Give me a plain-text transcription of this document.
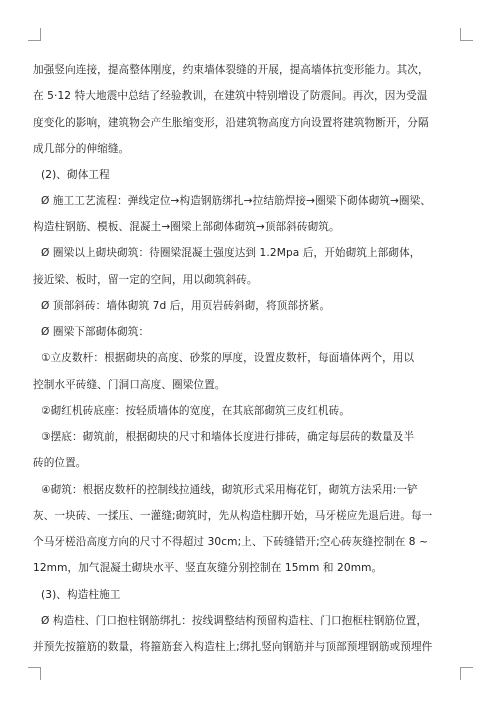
加强竖向连接，提高整体刚度，约束墙体裂缝的开展，提高墙体抗变形能力。其次，
在 5·12 特大地震中总结了经验教训，在建筑中特别增设了防震间。再次，因为受温
度变化的影响，建筑物会产生胀缩变形，沿建筑物高度方向设置将建筑物断开，分隔
成几部分的伸缩缝。
(2)、砌体工程
Ø 施工工艺流程：弹线定位→构造钢筋绑扎→拉结筋焊接→圈梁下砌体砌筑→圈梁、
构造柱钢筋、模板、混凝土→圈梁上部砌体砌筑→顶部斜砖砌筑。
Ø 圈梁以上砌块砌筑：待圈梁混凝土强度达到 1.2Mpa 后，开始砌筑上部砌体，
接近梁、板时，留一定的空间，用以砌筑斜砖。
Ø 顶部斜砖：墙体砌筑 7d 后，用页岩砖斜砌，将顶部挤紧。
Ø 圈梁下部砌体砌筑：
①立皮数杆：根据砌块的高度、砂浆的厚度，设置皮数杆，每面墙体两个，用以
控制水平砖缝、门洞口高度、圈梁位置。
②砌红机砖底座：按轻质墙体的宽度，在其底部砌筑三皮红机砖。
③摆底：砌筑前，根据砌块的尺寸和墙体长度进行排砖，确定每层砖的数量及半
砖的位置。
④砌筑：根据皮数杆的控制线拉通线，砌筑形式采用梅花钉，砌筑方法采用:一铲
灰、一块砖、一揉压、一灌缝;砌筑时，先从构造柱脚开始，马牙槎应先退后进。每一
个马牙槎沿高度方向的尺寸不得超过 30cm;上、下砖缝错开;空心砖灰缝控制在 8 ~
12mm，加气混凝土砌块水平、竖直灰缝分别控制在 15mm 和 20mm。
(3)、构造柱施工
Ø 构造柱、门口抱柱钢筋绑扎：按线调整结构预留构造柱、门口抱框柱钢筋位置，
并预先按箍筋的数量，将箍筋套入构造柱上;绑扎竖向钢筋并与顶部预埋钢筋或预埋件
